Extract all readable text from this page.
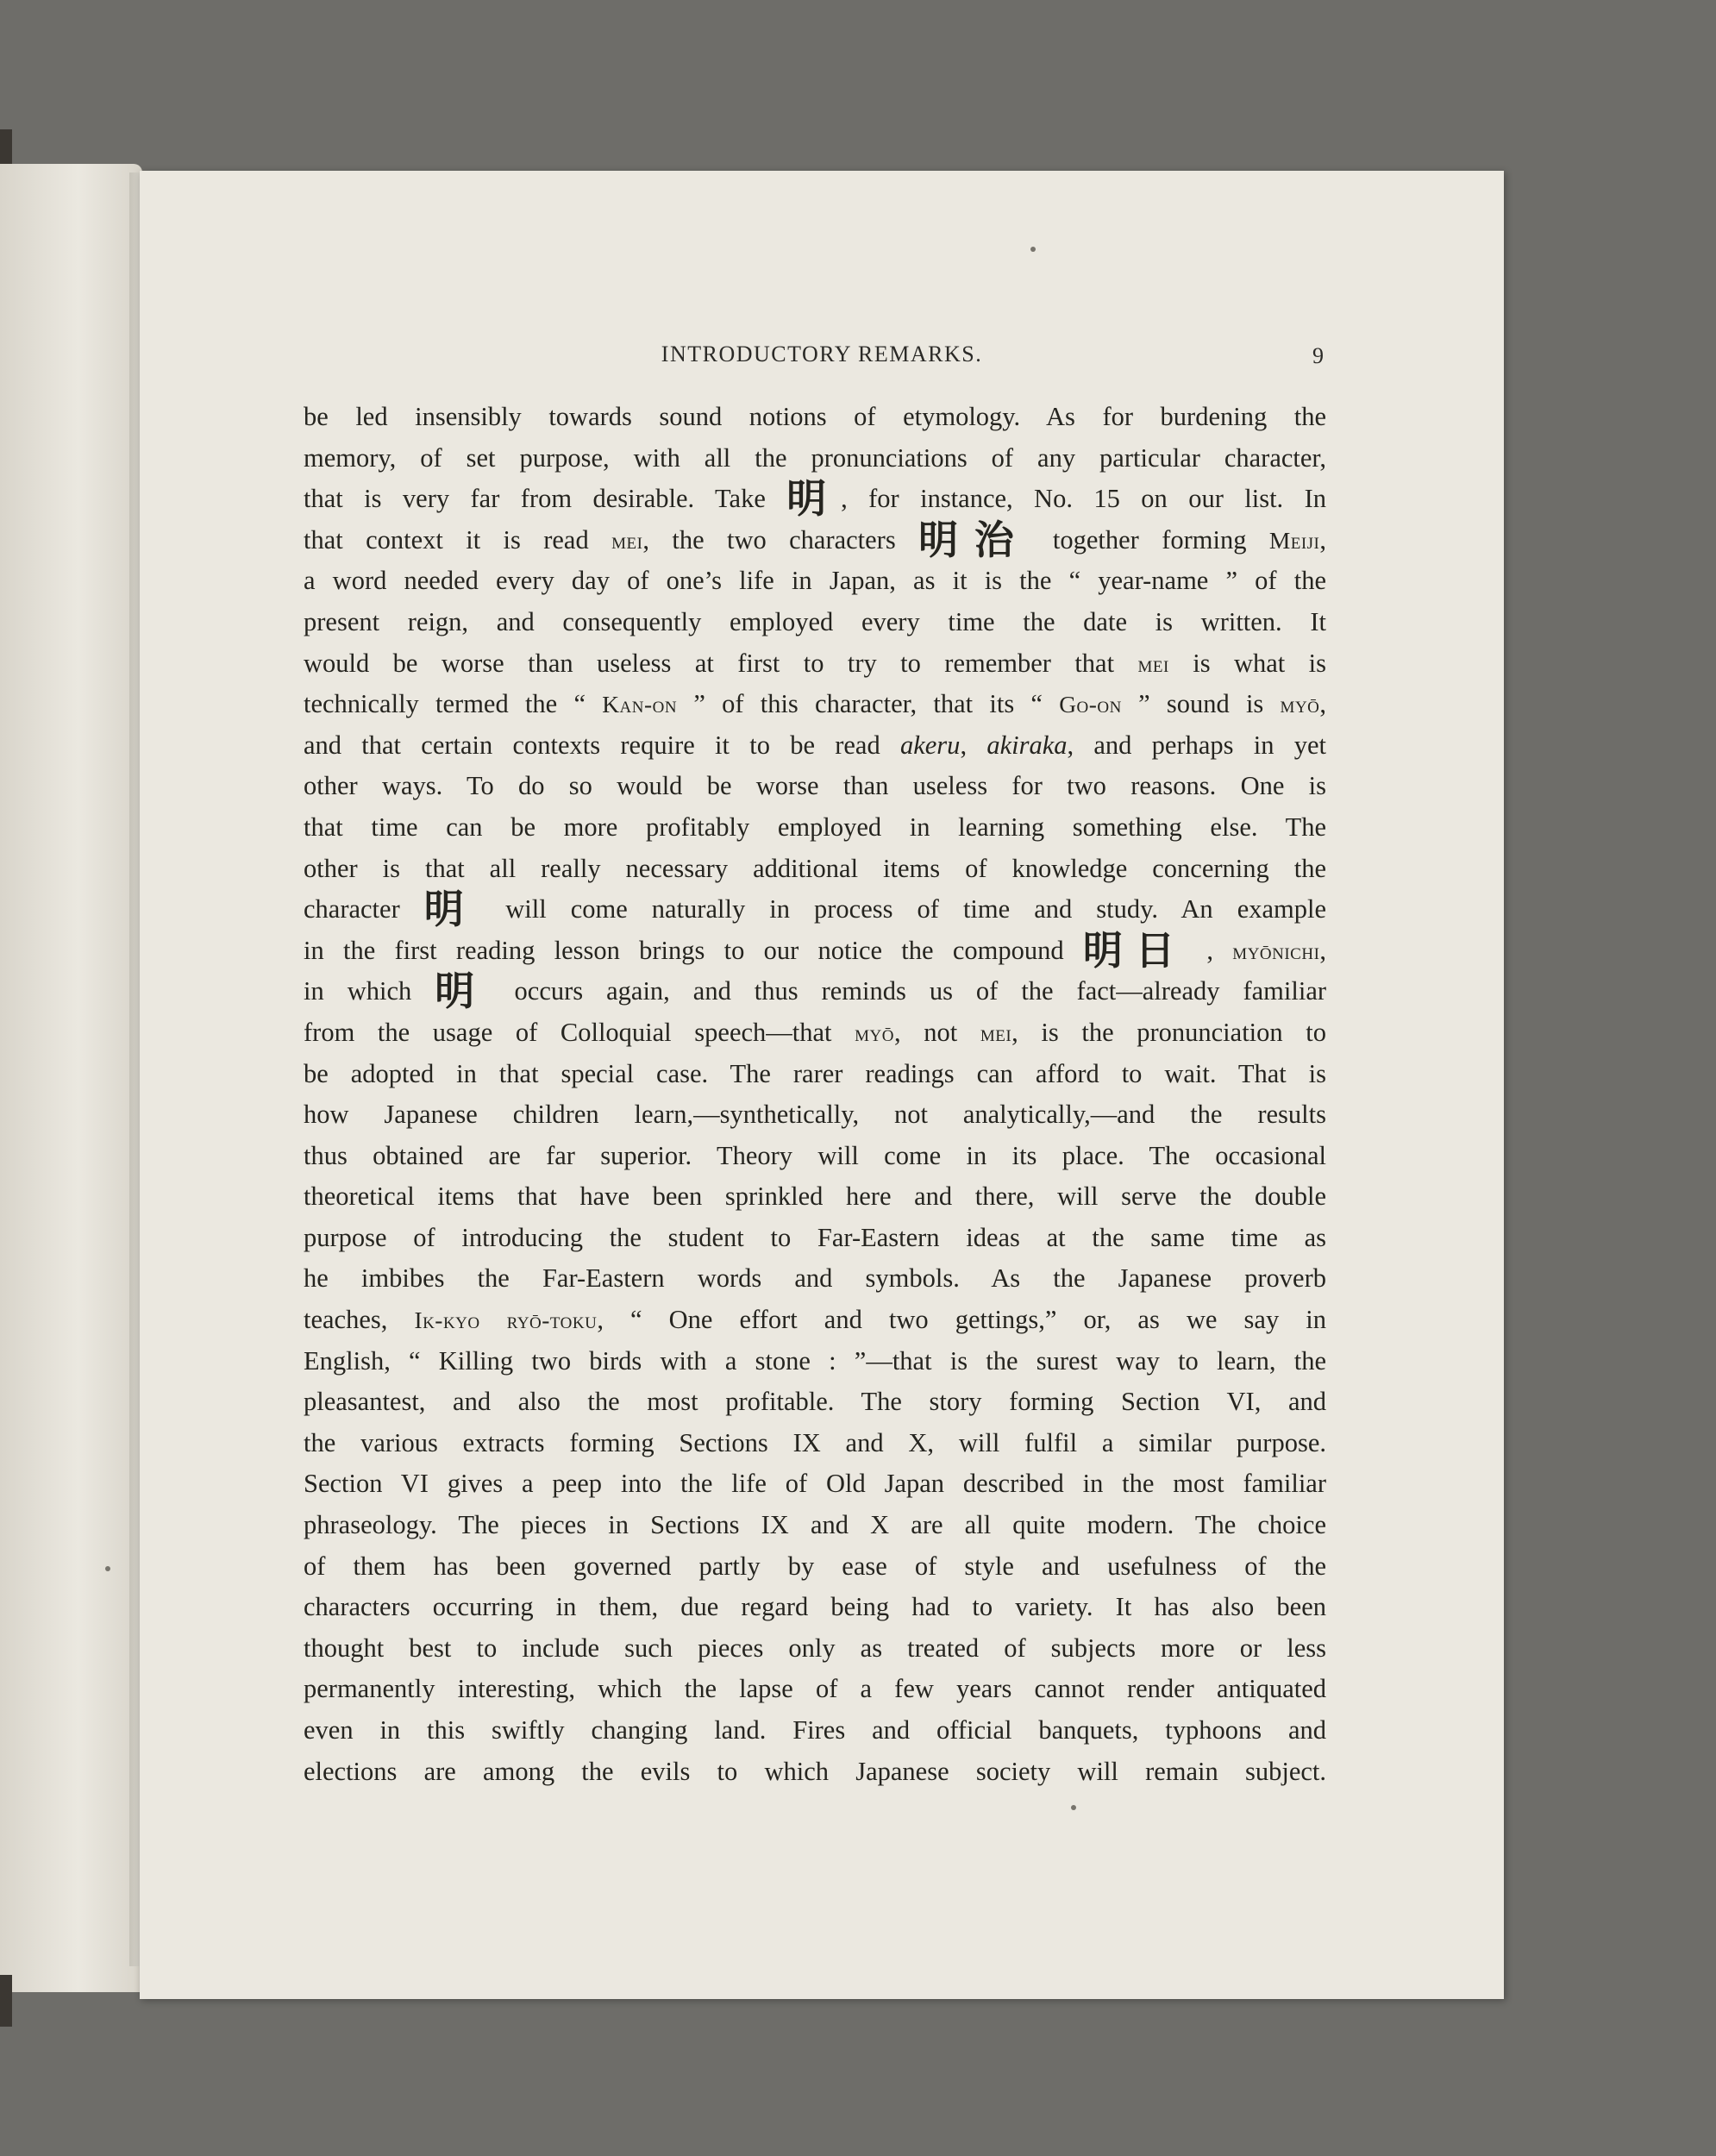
INTRODUCTORY REMARKS.	9
be led insensibly towards sound notions of etymology. As for burdening the
memory, of set purpose, with all the pronunciations of any particular character,
that is very far from desirable. Take 明, for instance, No. 15 on our list. In
that context it is read mei, the two characters 明治 together forming Meiji,
a word needed every day of one’s life in Japan, as it is the “ year-name ” of the
present reign, and consequently employed every time the date is written. It
would be worse than useless at first to try to remember that mei is what is
technically termed the “ Kan-on ” of this character, that its “ Go-on ” sound is myō,
and that certain contexts require it to be read akeru, akiraka, and perhaps in yet
other ways. To do so would be worse than useless for two reasons. One is
that time can be more profitably employed in learning something else. The
other is that all really necessary additional items of knowledge concerning the
character 明 will come naturally in process of time and study. An example
in the first reading lesson brings to our notice the compound 明日 , myōnichi,
in which 明 occurs again, and thus reminds us of the fact—already familiar
from the usage of Colloquial speech—that myō, not mei, is the pronunciation to
be adopted in that special case. The rarer readings can afford to wait. That is
how Japanese children learn,—synthetically, not analytically,—and the results
thus obtained are far superior. Theory will come in its place. The occasional
theoretical items that have been sprinkled here and there, will serve the double
purpose of introducing the student to Far-Eastern ideas at the same time as
he imbibes the Far-Eastern words and symbols. As the Japanese proverb
teaches, Ik-kyo ryō-toku, “ One effort and two gettings,” or, as we say in
English, “ Killing two birds with a stone : ”—that is the surest way to learn, the
pleasantest, and also the most profitable. The story forming Section VI, and
the various extracts forming Sections IX and X, will fulfil a similar purpose.
Section VI gives a peep into the life of Old Japan described in the most familiar
phraseology. The pieces in Sections IX and X are all quite modern. The choice
of them has been governed partly by ease of style and usefulness of the
characters occurring in them, due regard being had to variety. It has also been
thought best to include such pieces only as treated of subjects more or less
permanently interesting, which the lapse of a few years cannot render antiquated
even in this swiftly changing land. Fires and official banquets, typhoons and
elections are among the evils to which Japanese society will remain subject.
